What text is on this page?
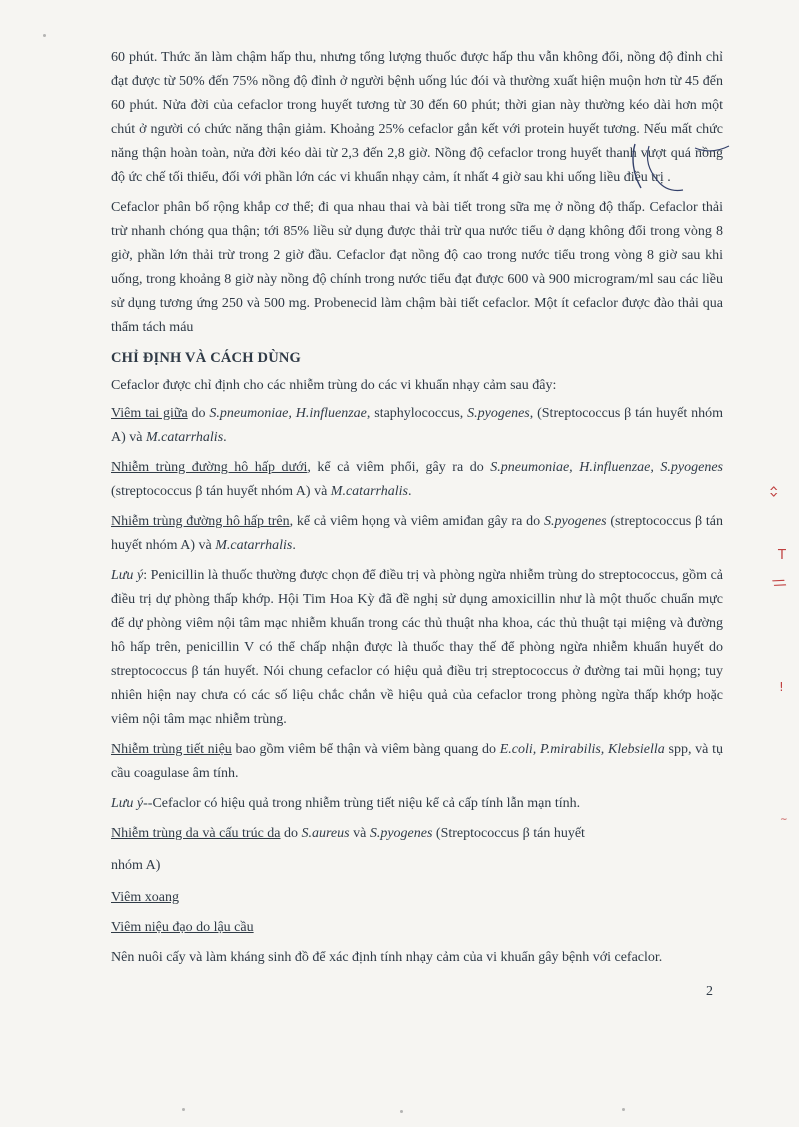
60 phút. Thức ăn làm chậm hấp thu, nhưng tổng lượng thuốc được hấp thu vẫn không đổi, nồng độ đỉnh chỉ đạt được từ 50% đến 75% nồng độ đỉnh ở người bệnh uống lúc đói và thường xuất hiện muộn hơn từ 45 đến 60 phút. Nửa đời của cefaclor trong huyết tương từ 30 đến 60 phút; thời gian này thường kéo dài hơn một chút ở người có chức năng thận giảm. Khoảng 25% cefaclor gắn kết với protein huyết tương. Nếu mất chức năng thận hoàn toàn, nửa đời kéo dài từ 2,3 đến 2,8 giờ. Nồng độ cefaclor trong huyết thanh vượt quá nồng độ ức chế tối thiểu, đối với phần lớn các vi khuẩn nhạy cảm, ít nhất 4 giờ sau khi uống liều điều trị .

Cefaclor phân bố rộng khắp cơ thể; đi qua nhau thai và bài tiết trong sữa mẹ ở nồng độ thấp. Cefaclor thải trừ nhanh chóng qua thận; tới 85% liều sử dụng được thải trừ qua nước tiểu ở dạng không đổi trong vòng 8 giờ, phần lớn thải trừ trong 2 giờ đầu. Cefaclor đạt nồng độ cao trong nước tiểu trong vòng 8 giờ sau khi uống, trong khoảng 8 giờ này nồng độ chính trong nước tiểu đạt được 600 và 900 microgram/ml sau các liều sử dụng tương ứng 250 và 500 mg. Probenecid làm chậm bài tiết cefaclor. Một ít cefaclor được đào thải qua thẩm tách máu

CHỈ ĐỊNH VÀ CÁCH DÙNG

Cefaclor được chỉ định cho các nhiễm trùng do các vi khuẩn nhạy cảm sau đây:

Viêm tai giữa do S.pneumoniae, H.influenzae, staphylococcus, S.pyogenes, (Streptococcus β tán huyết nhóm A) và M.catarrhalis.

Nhiễm trùng đường hô hấp dưới, kể cả viêm phổi, gây ra do S.pneumoniae, H.influenzae, S.pyogenes (streptococcus β tán huyết nhóm A) và M.catarrhalis.

Nhiễm trùng đường hô hấp trên, kể cả viêm họng và viêm amiđan gây ra do S.pyogenes (streptococcus β tán huyết nhóm A) và M.catarrhalis.

Lưu ý: Penicillin là thuốc thường được chọn để điều trị và phòng ngừa nhiễm trùng do streptococcus, gồm cả điều trị dự phòng thấp khớp. Hội Tim Hoa Kỳ đã đề nghị sử dụng amoxicillin như là một thuốc chuẩn mực để dự phòng viêm nội tâm mạc nhiễm khuẩn trong các thủ thuật nha khoa, các thủ thuật tại miệng và đường hô hấp trên, penicillin V có thể chấp nhận được là thuốc thay thế để phòng ngừa nhiễm khuẩn huyết do streptococcus β tán huyết. Nói chung cefaclor có hiệu quả điều trị streptococcus ở đường tai mũi họng; tuy nhiên hiện nay chưa có các số liệu chắc chắn về hiệu quả của cefaclor trong phòng ngừa thấp khớp hoặc viêm nội tâm mạc nhiễm trùng.

Nhiễm trùng tiết niệu bao gồm viêm bể thận và viêm bàng quang do E.coli, P.mirabilis, Klebsiella spp, và tụ cầu coagulase âm tính.

Lưu ý--Cefaclor có hiệu quả trong nhiễm trùng tiết niệu kể cả cấp tính lẫn mạn tính.

Nhiễm trùng da và cấu trúc da do S.aureus và S.pyogenes (Streptococcus β tán huyết

nhóm A)

Viêm xoang

Viêm niệu đạo do lậu cầu

Nên nuôi cấy và làm kháng sinh đồ để xác định tính nhạy cảm của vi khuẩn gây bệnh với cefaclor.

2
‹›
T
//
!
~
